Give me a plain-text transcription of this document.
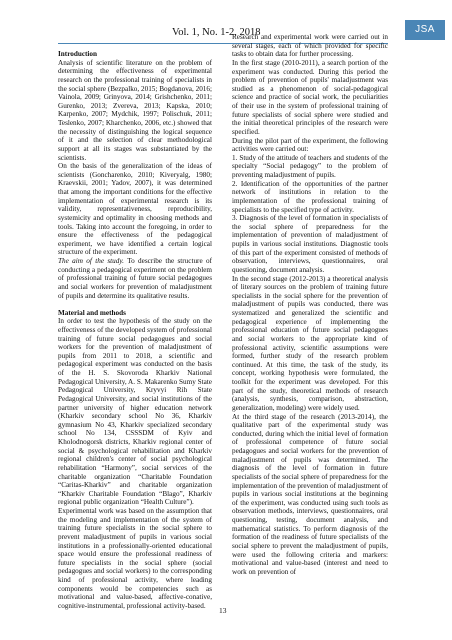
Vol. 1, No. 1-2, 2018	JSA
Introduction

Analysis of scientific literature on the problem of determining the effectiveness of experimental research on the professional training of specialists in the social sphere (Bezpalko, 2015; Bogdanova, 2016; Vainola, 2009; Grinyova, 2014; Grishchenko, 2011; Gurenko, 2013; Zvereva, 2013; Kapska, 2010; Karpenko, 2007; Mydchik, 1997; Polischuk, 2011; Teslenko, 2007; Kharchenko, 2006, etc.) showed that the necessity of distinguishing the logical sequence of it and the selection of clear methodological support at all its stages was substantiated by the scientists.

On the basis of the generalization of the ideas of scientists (Goncharenko, 2010; Kiveryalg, 1980; Kraevskii, 2001; Yadov, 2007), it was determined that among the important conditions for the effective implementation of experimental research is its validity, representativeness, reproducibility, systemicity and optimality in choosing methods and tools. Taking into account the foregoing, in order to ensure the effectiveness of the pedagogical experiment, we have identified a certain logical structure of the experiment.

The aim of the study. To describe the structure of conducting a pedagogical experiment on the problem of professional training of future social pedagogues and social workers for prevention of maladjustment of pupils and determine its qualitative results.

Material and methods

In order to test the hypothesis of the study on the effectiveness of the developed system of professional training of future social pedagogues and social workers for the prevention of maladjustment of pupils from 2011 to 2018, a scientific and pedagogical experiment was conducted on the basis of the H. S. Skovoroda Kharkiv National Pedagogical University, A. S. Makarenko Sumy State Pedagogical University, Kryvyi Rih State Pedagogical University, and social institutions of the partner university of higher education network (Kharkiv secondary school No 36, Kharkiv gymnasium No 43, Kharkiv specialized secondary school No 134, CSSSDM of Kyiv and Kholodnogorsk districts, Kharkiv regional center of social & psychological rehabilitation and Kharkiv regional children's center of social psychological rehabilitation “Harmony”, social services of the charitable organization “Charitable Foundation “Caritas-Kharkiv” and charitable organization “Kharkiv Charitable Foundation “Blago”, Kharkiv regional public organization “Health Culture”).

Experimental work was based on the assumption that the modeling and implementation of the system of training future specialists in the social sphere to prevent maladjustment of pupils in various social institutions in a professionally-oriented educational space would ensure the professional readiness of future specialists in the social sphere (social pedagogues and social workers) to the corresponding kind of professional activity, where leading components would be competencies such as motivational and value-based, affective-conative, cognitive-instrumental, professional activity-based.

Research and experimental work were carried out in several stages, each of which provided for specific tasks to obtain data for further processing.

In the first stage (2010-2011), a search portion of the experiment was conducted. During this period the problem of prevention of pupils' maladjustment was studied as a phenomenon of social-pedagogical science and practice of social work, the peculiarities of their use in the system of professional training of future specialists of social sphere were studied and the initial theoretical principles of the research were specified.

During the pilot part of the experiment, the following activities were carried out:

1. Study of the attitude of teachers and students of the specialty “Social pedagogy” to the problem of preventing maladjustment of pupils.

2. Identification of the opportunities of the partner network of institutions in relation to the implementation of the professional training of specialists to the specified type of activity.

3. Diagnosis of the level of formation in specialists of the social sphere of preparedness for the implementation of prevention of maladjustment of pupils in various social institutions. Diagnostic tools of this part of the experiment consisted of methods of observation, interviews, questionnaires, oral questioning, document analysis.

In the second stage (2012-2013) a theoretical analysis of literary sources on the problem of training future specialists in the social sphere for the prevention of maladjustment of pupils was conducted, there was systematized and generalized the scientific and pedagogical experience of implementing the professional education of future social pedagogues and social workers to the appropriate kind of professional activity, scientific assumptions were formed, further study of the research problem continued. At this time, the task of the study, its concept, working hypothesis were formulated, the toolkit for the experiment was developed. For this part of the study, theoretical methods of research (analysis, synthesis, comparison, abstraction, generalization, modeling) were widely used.

At the third stage of the research (2013-2014), the qualitative part of the experimental study was conducted, during which the initial level of formation of professional competence of future social pedagogues and social workers for the prevention of maladjustment of pupils was determined. The diagnosis of the level of formation in future specialists of the social sphere of preparedness for the implementation of the prevention of maladjustment of pupils in various social institutions at the beginning of the experiment, was conducted using such tools as observation methods, interviews, questionnaires, oral questioning, testing, document analysis, and mathematical statistics. To perform diagnosis of the formation of the readiness of future specialists of the social sphere to prevent the maladjustment of pupils, were used the following criteria and markers: motivational and value-based (interest and need to work on prevention of

13
